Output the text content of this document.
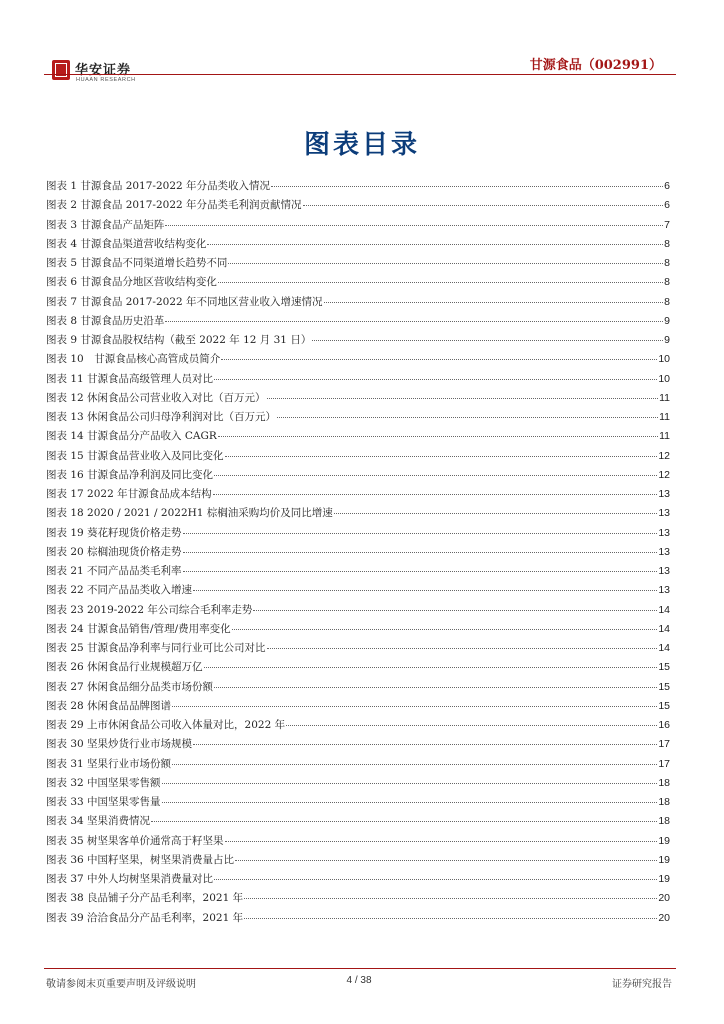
华安证券
HUAAN RESEARCH
甘源食品（002991）
图表目录
图表 1 甘源食品 2017-2022 年分品类收入情况	6
图表 2 甘源食品 2017-2022 年分品类毛利润贡献情况	6
图表 3 甘源食品产品矩阵	7
图表 4 甘源食品渠道营收结构变化	8
图表 5 甘源食品不同渠道增长趋势不同	8
图表 6 甘源食品分地区营收结构变化	8
图表 7 甘源食品 2017-2022 年不同地区营业收入增速情况	8
图表 8 甘源食品历史沿革	9
图表 9 甘源食品股权结构（截至 2022 年 12 月 31 日）	9
图表 10　甘源食品核心高管成员简介	10
图表 11 甘源食品高级管理人员对比	10
图表 12 休闲食品公司营业收入对比（百万元）	11
图表 13 休闲食品公司归母净利润对比（百万元）	11
图表 14 甘源食品分产品收入 CAGR	11
图表 15 甘源食品营业收入及同比变化	12
图表 16 甘源食品净利润及同比变化	12
图表 17 2022 年甘源食品成本结构	13
图表 18 2020 / 2021 / 2022H1 棕榈油采购均价及同比增速	13
图表 19 葵花籽现货价格走势	13
图表 20 棕榈油现货价格走势	13
图表 21 不同产品品类毛利率	13
图表 22 不同产品品类收入增速	13
图表 23 2019-2022 年公司综合毛利率走势	14
图表 24 甘源食品销售/管理/费用率变化	14
图表 25 甘源食品净利率与同行业可比公司对比	14
图表 26 休闲食品行业规模超万亿	15
图表 27 休闲食品细分品类市场份额	15
图表 28 休闲食品品牌图谱	15
图表 29 上市休闲食品公司收入体量对比，2022 年	16
图表 30 坚果炒货行业市场规模	17
图表 31 坚果行业市场份额	17
图表 32 中国坚果零售额	18
图表 33 中国坚果零售量	18
图表 34 坚果消费情况	18
图表 35 树坚果客单价通常高于籽坚果	19
图表 36 中国籽坚果，树坚果消费量占比	19
图表 37 中外人均树坚果消费量对比	19
图表 38 良品铺子分产品毛利率，2021 年	20
图表 39 洽洽食品分产品毛利率，2021 年	20
敬请参阅末页重要声明及评级说明	4 / 38	证券研究报告
